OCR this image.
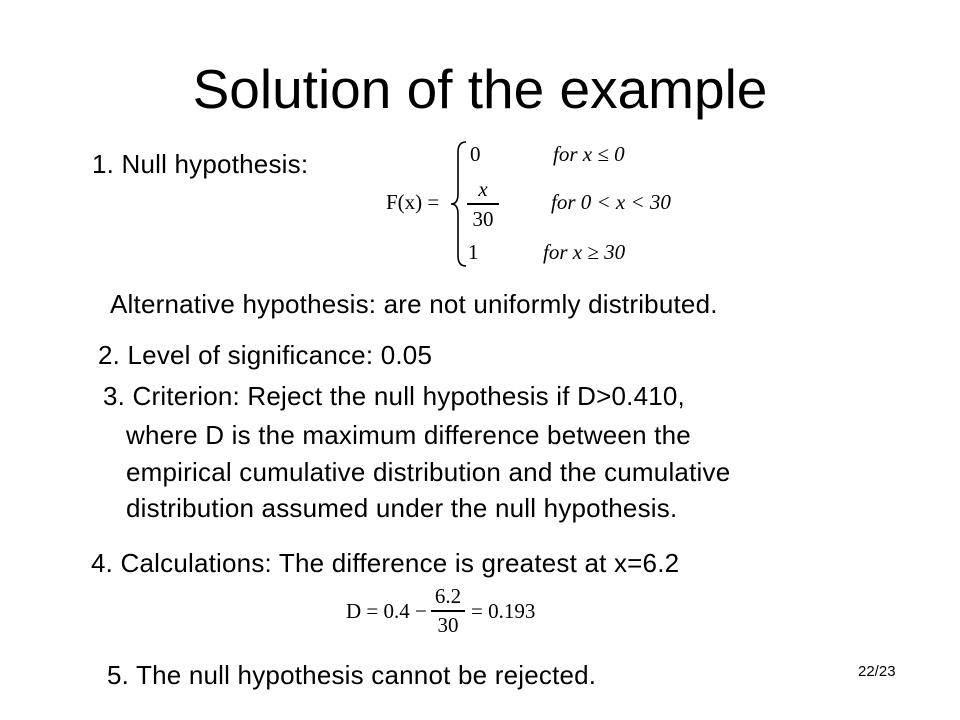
Solution of the example
1. Null hypothesis:
F(x) =
0	for x ≤ 0
x
30
for 0 < x < 30
1	for x ≥ 30
Alternative hypothesis: are not uniformly distributed.
2. Level of significance: 0.05
3. Criterion: Reject the null hypothesis if D>0.410,
where D is the maximum difference between the
empirical cumulative distribution and the cumulative
distribution assumed under the null hypothesis.
4. Calculations: The difference is greatest at x=6.2
D = 0.4 −
6.2
30
= 0.193
5. The null hypothesis cannot be rejected.	22/23
